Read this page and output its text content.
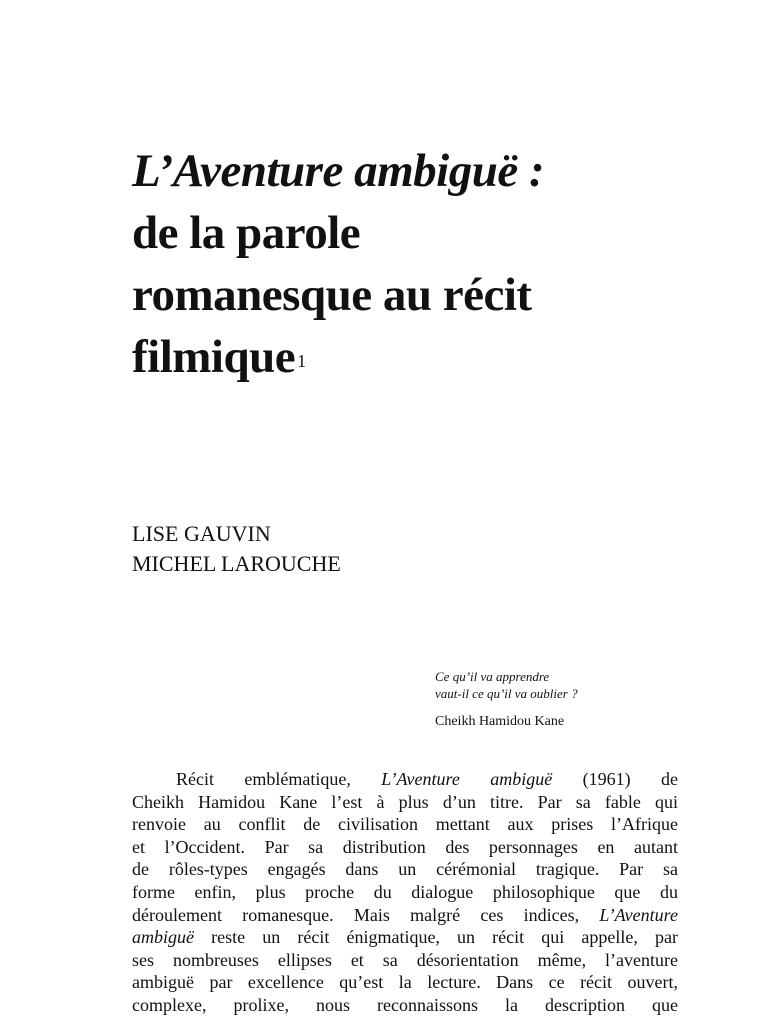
L’Aventure ambiguë :
de la parole
romanesque au récit
filmique $^1$
LISE GAUVIN
MICHEL LAROUCHE
Ce qu’il va apprendre
vaut-il ce qu’il va oublier ?
Cheikh Hamidou Kane
Récit emblématique, L’Aventure ambiguë (1961) de
Cheikh Hamidou Kane l’est à plus d’un titre. Par sa fable qui
renvoie au conflit de civilisation mettant aux prises l’Afrique
et l’Occident. Par sa distribution des personnages en autant
de rôles-types engagés dans un cérémonial tragique. Par sa
forme enfin, plus proche du dialogue philosophique que du
déroulement romanesque. Mais malgré ces indices, L’Aventure
ambiguë reste un récit énigmatique, un récit qui appelle, par
ses nombreuses ellipses et sa désorientation même, l’aventure
ambiguë par excellence qu’est la lecture. Dans ce récit ouvert,
complexe, prolixe, nous reconnaissons la description que
